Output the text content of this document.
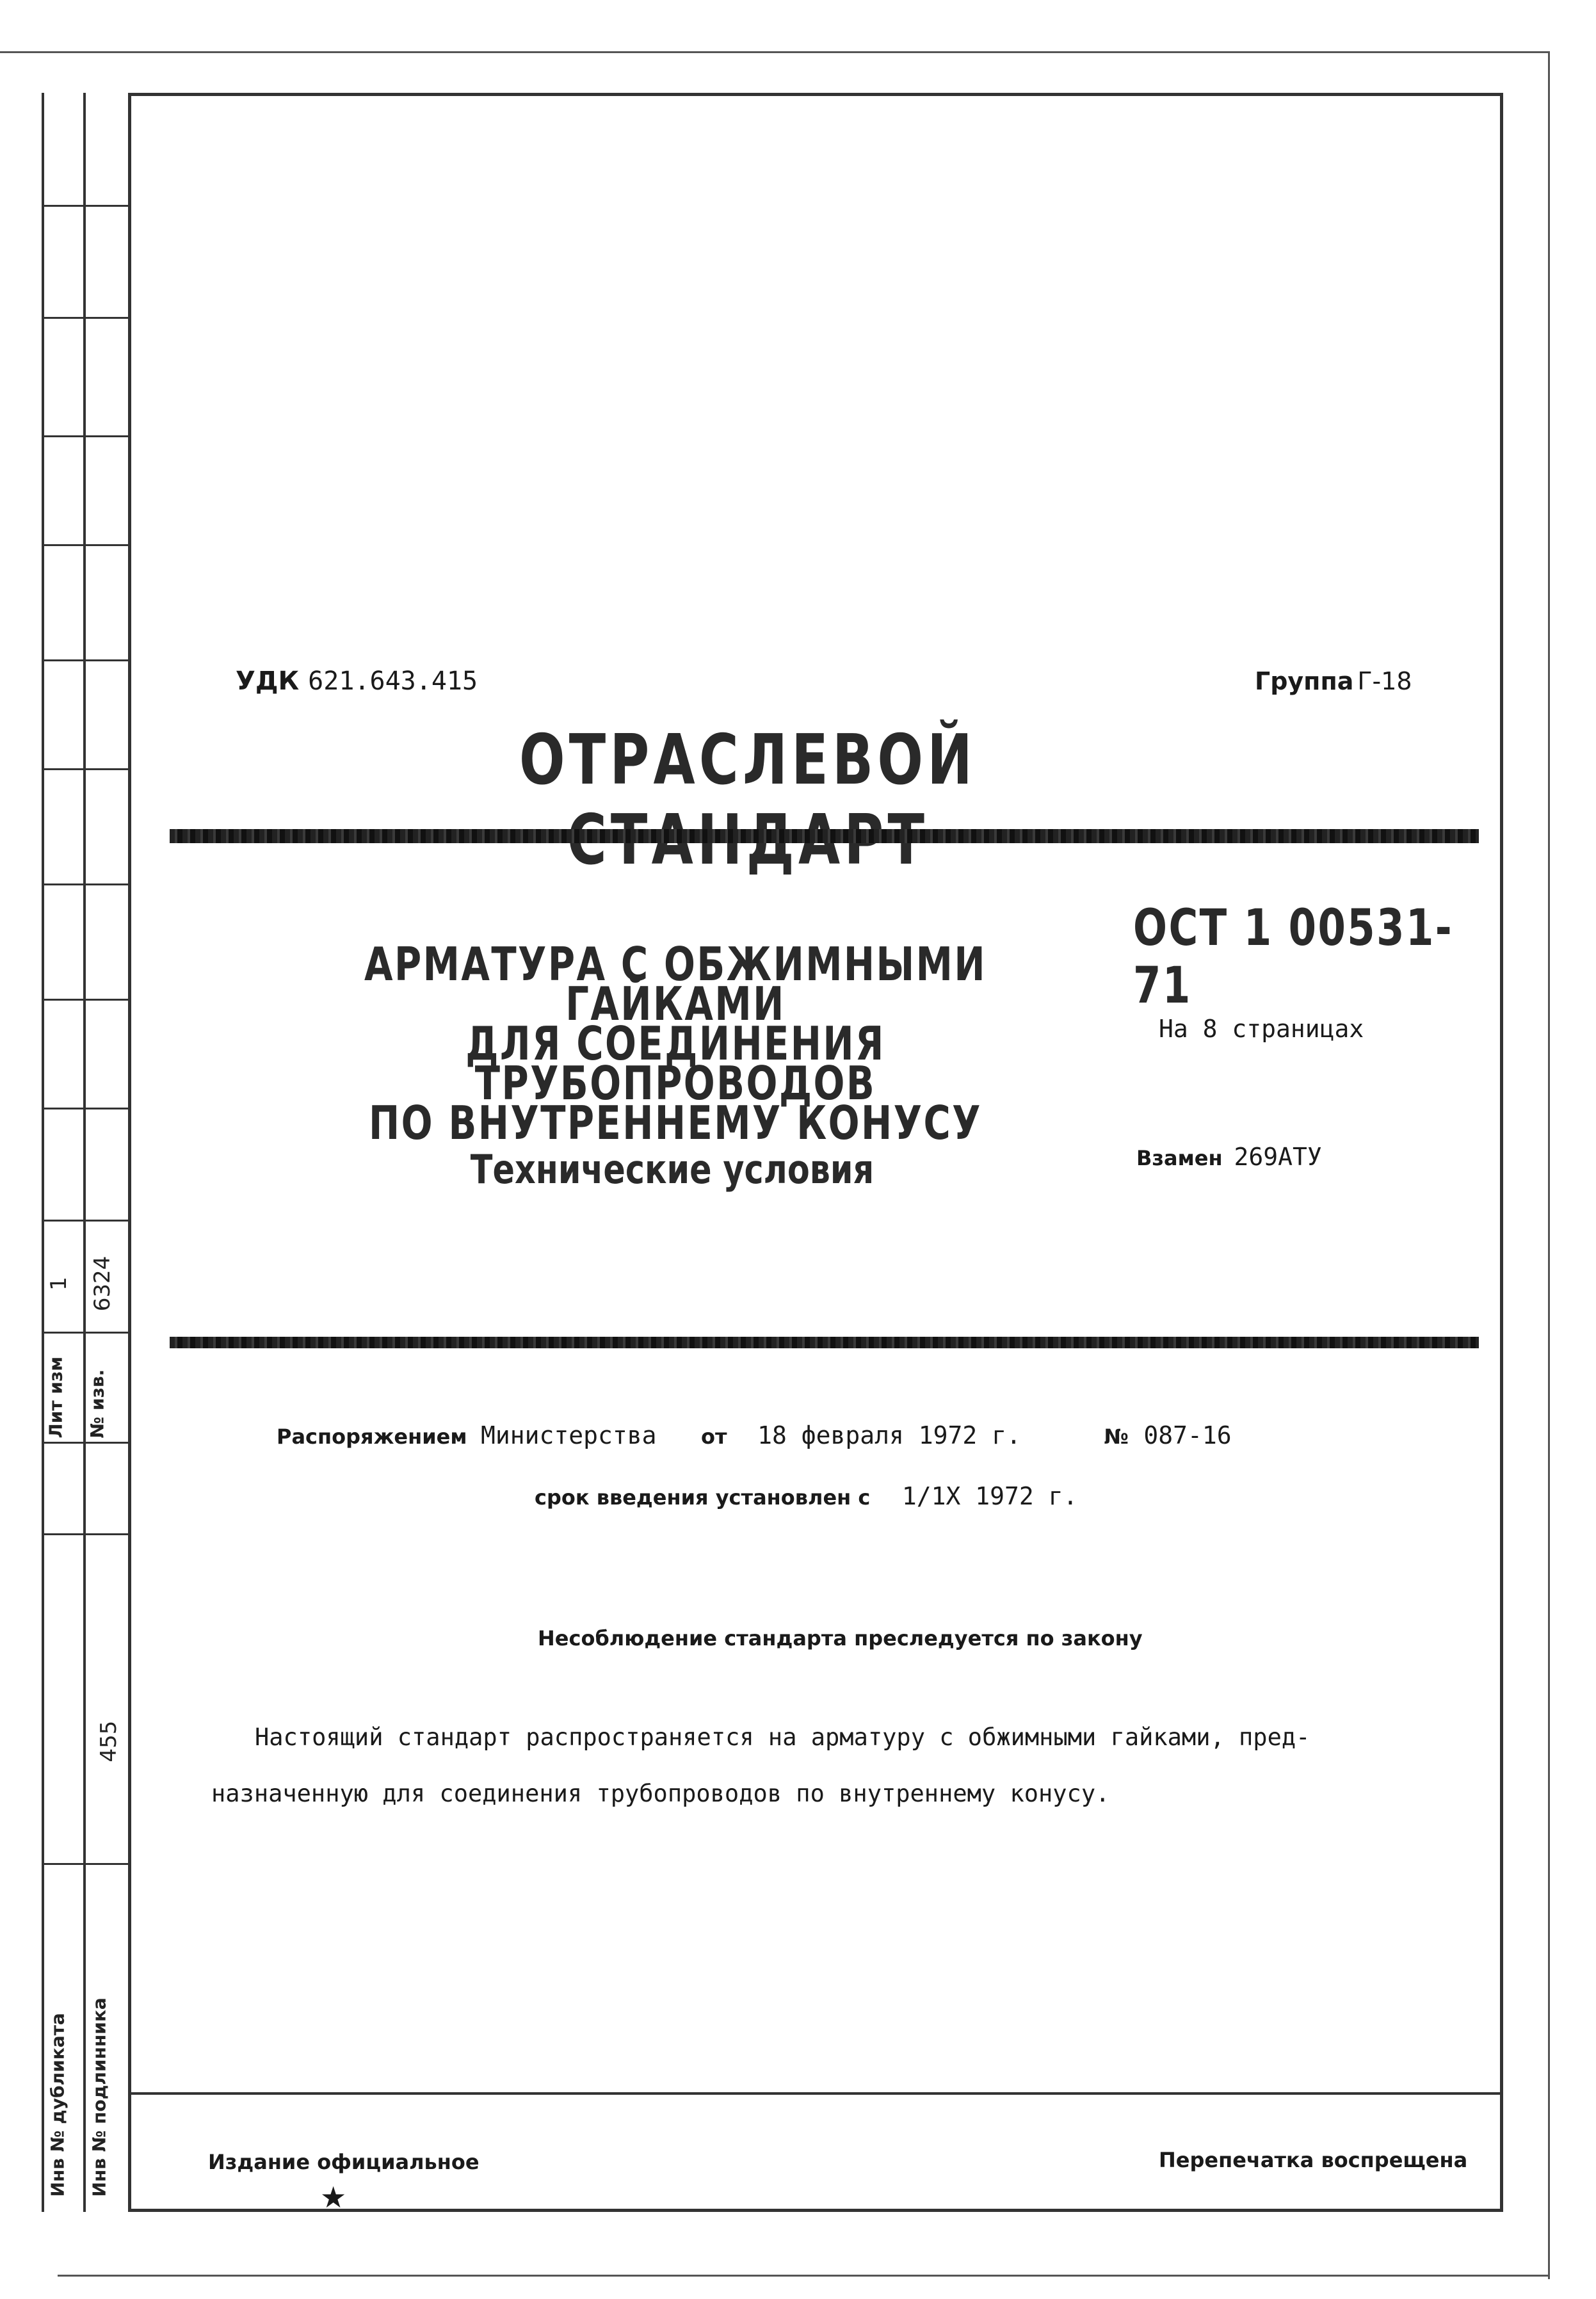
Лит изм № изв.
1 6324
Инв № дубликата Инв № подлинника
455
УДК 621.643.415	Группа Г-18
ОТРАСЛЕВОЙ
АРМАТУРА С ОБЖИМНЫМИ ГАЙКАМИ
ДЛЯ СОЕДИНЕНИЯ ТРУБОПРОВОДОВ
ПО ВНУТРЕННЕМУ КОНУСУ
Технические условия
ОСТ 1 00531-71
На 8 страницах
Взамен 269АТУ
Распоряжением Министерства от 18 февраля 1972 г.	№ 087-16
срок введения установлен с 1/1X 1972 г.
Несоблюдение стандарта преследуется по закону
Настоящий стандарт распространяется на арматуру с обжимными гайками, пред-
назначенную для соединения трубопроводов по внутреннему конусу.
Издание официальное
★
Перепечатка воспрещена
